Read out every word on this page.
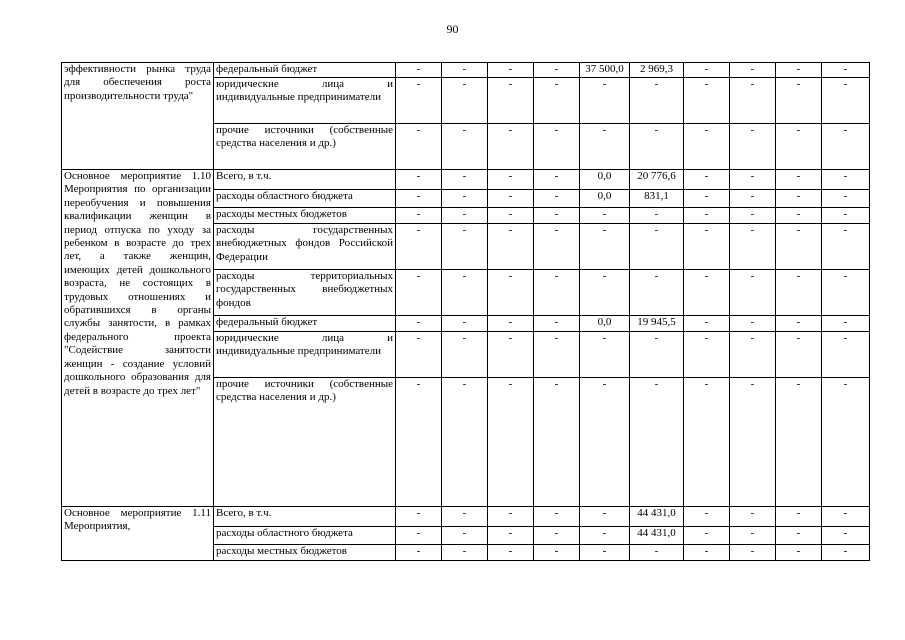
90
эффективности рынка труда для обеспечения роста производительности труда"	федеральный бюджет	-	-	-	-	37 500,0	2 969,3	-	-	-	-
	юридические лица и индивидуальные предприниматели	-	-	-	-	-	-	-	-	-	-
	прочие источники (собственные средства населения и др.)	-	-	-	-	-	-	-	-	-	-
Основное мероприятие 1.10 Мероприятия по организации переобучения и повышения квалификации женщин в период отпуска по уходу за ребенком в возрасте до трех лет, а также женщин, имеющих детей дошкольного возраста, не состоящих в трудовых отношениях и обратившихся в органы службы занятости, в рамках федерального проекта "Содействие занятости женщин - создание условий дошкольного образования для детей в возрасте до трех лет"	Всего, в т.ч.	-	-	-	-	0,0	20 776,6	-	-	-	-
	расходы областного бюджета	-	-	-	-	0,0	831,1	-	-	-	-
	расходы местных бюджетов	-	-	-	-	-	-	-	-	-	-
	расходы государственных внебюджетных фондов Российской Федерации	-	-	-	-	-	-	-	-	-	-
	расходы территориальных государственных внебюджетных фондов	-	-	-	-	-	-	-	-	-	-
	федеральный бюджет	-	-	-	-	0,0	19 945,5	-	-	-	-
	юридические лица и индивидуальные предприниматели	-	-	-	-	-	-	-	-	-	-
	прочие источники (собственные средства населения и др.)	-	-	-	-	-	-	-	-	-	-
Основное мероприятие 1.11 Мероприятия,	Всего, в т.ч.	-	-	-	-	-	44 431,0	-	-	-	-
	расходы областного бюджета	-	-	-	-	-	44 431,0	-	-	-	-
	расходы местных бюджетов	-	-	-	-	-	-	-	-	-	-
